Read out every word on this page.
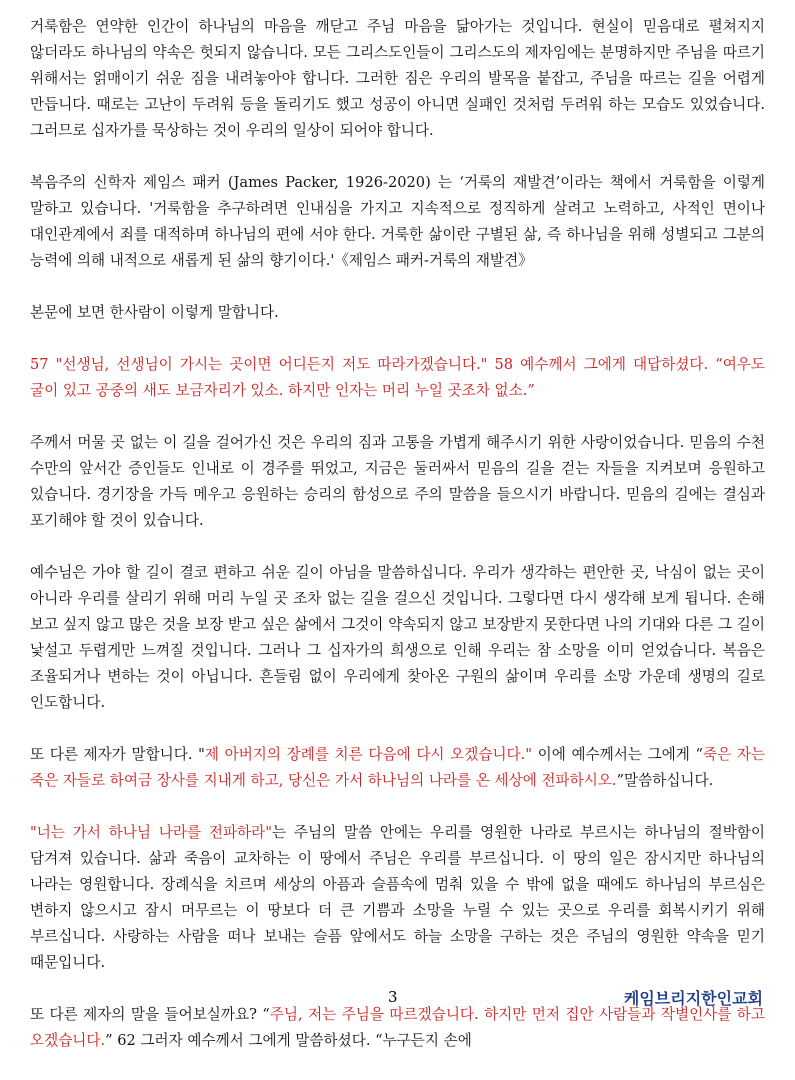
거룩함은 연약한 인간이 하나님의 마음을 깨닫고 주님 마음을 닮아가는 것입니다. 현실이 믿음대로 펼쳐지지 않더라도 하나님의 약속은 헛되지 않습니다. 모든 그리스도인들이 그리스도의 제자임에는 분명하지만 주님을 따르기 위해서는 얽매이기 쉬운 짐을 내려놓아야 합니다. 그러한 짐은 우리의 발목을 붙잡고, 주님을 따르는 길을 어렵게 만듭니다. 때로는 고난이 두려워 등을 돌리기도 했고 성공이 아니면 실패인 것처럼 두려워 하는 모습도 있었습니다. 그러므로 십자가를 묵상하는 것이 우리의 일상이 되어야 합니다.

복음주의 신학자 제임스 패커 (James Packer, 1926-2020) 는 ‘거룩의 재발견’이라는 책에서 거룩함을 이렇게 말하고 있습니다. '거룩함을 추구하려면 인내심을 가지고 지속적으로 정직하게 살려고 노력하고, 사적인 면이나 대인관계에서 죄를 대적하며 하나님의 편에 서야 한다. 거룩한 삶이란 구별된 삶, 즉 하나님을 위해 성별되고 그분의 능력에 의해 내적으로 새롭게 된 삶의 향기이다.'《제임스 패커-거룩의 재발견》

본문에 보면 한사람이 이렇게 말합니다.

57 "선생님, 선생님이 가시는 곳이면 어디든지 저도 따라가겠습니다." 58 예수께서 그에게 대답하셨다. “여우도 굴이 있고 공중의 새도 보금자리가 있소. 하지만 인자는 머리 누일 곳조차 없소.”

주께서 머물 곳 없는 이 길을 걸어가신 것은 우리의 짐과 고통을 가볍게 해주시기 위한 사랑이었습니다. 믿음의 수천 수만의 앞서간 증인들도 인내로 이 경주를 뛰었고, 지금은 둘러싸서 믿음의 길을 걷는 자들을 지켜보며 응원하고 있습니다. 경기장을 가득 메우고 응원하는 승리의 함성으로 주의 말씀을 들으시기 바랍니다. 믿음의 길에는 결심과 포기해야 할 것이 있습니다.

예수님은 가야 할 길이 결코 편하고 쉬운 길이 아님을 말씀하십니다. 우리가 생각하는 편안한 곳, 낙심이 없는 곳이 아니라 우리를 살리기 위해 머리 누일 곳 조차 없는 길을 걸으신 것입니다. 그렇다면 다시 생각해 보게 됩니다. 손해 보고 싶지 않고 많은 것을 보장 받고 싶은 삶에서 그것이 약속되지 않고 보장받지 못한다면 나의 기대와 다른 그 길이 낯설고 두렵게만 느껴질 것입니다. 그러나 그 십자가의 희생으로 인해 우리는 참 소망을 이미 얻었습니다. 복음은 조율되거나 변하는 것이 아닙니다. 흔들림 없이 우리에게 찾아온 구원의 삶이며 우리를 소망 가운데 생명의 길로 인도합니다.

또 다른 제자가 말합니다. "제 아버지의 장례를 치른 다음에 다시 오겠습니다." 이에 예수께서는 그에게 “죽은 자는 죽은 자들로 하여금 장사를 지내게 하고, 당신은 가서 하나님의 나라를 온 세상에 전파하시오.”말씀하십니다.

"너는 가서 하나님 나라를 전파하라"는 주님의 말씀 안에는 우리를 영원한 나라로 부르시는 하나님의 절박함이 담겨져 있습니다. 삶과 죽음이 교차하는 이 땅에서 주님은 우리를 부르십니다. 이 땅의 일은 잠시지만 하나님의 나라는 영원합니다. 장례식을 치르며 세상의 아픔과 슬픔속에 멈춰 있을 수 밖에 없을 때에도 하나님의 부르심은 변하지 않으시고 잠시 머무르는 이 땅보다 더 큰 기쁨과 소망을 누릴 수 있는 곳으로 우리를 회복시키기 위해 부르십니다. 사랑하는 사람을 떠나 보내는 슬픔 앞에서도 하늘 소망을 구하는 것은 주님의 영원한 약속을 믿기 때문입니다.

또 다른 제자의 말을 들어보실까요? “주님, 저는 주님을 따르겠습니다. 하지만 먼저 집안 사람들과 작별인사를 하고 오겠습니다.” 62 그러자 예수께서 그에게 말씀하셨다. “누구든지 손에

3	케임브리지한인교회
